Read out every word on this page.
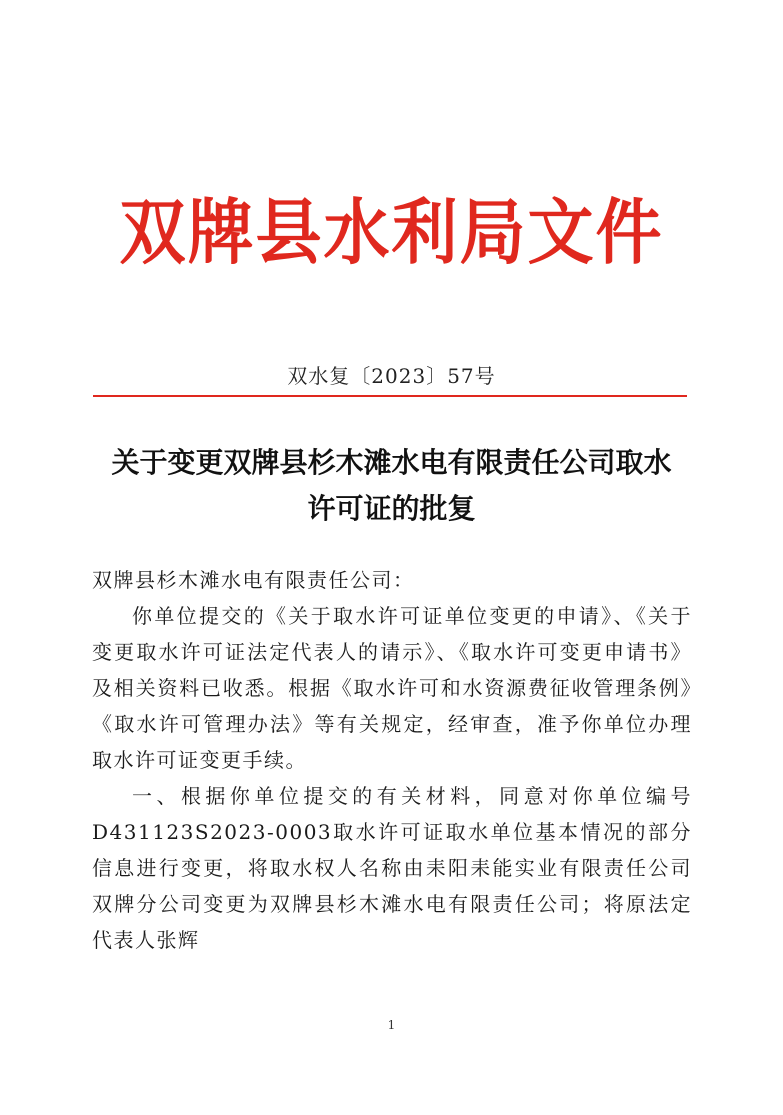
双牌县水利局文件
双水复〔2023〕57号
关于变更双牌县杉木滩水电有限责任公司取水
许可证的批复

双牌县杉木滩水电有限责任公司：

你单位提交的《关于取水许可证单位变更的申请》、《关于变更取水许可证法定代表人的请示》、《取水许可变更申请书》及相关资料已收悉。根据《取水许可和水资源费征收管理条例》《取水许可管理办法》等有关规定，经审查，准予你单位办理取水许可证变更手续。

一、根据你单位提交的有关材料，同意对你单位编号D431123S2023-0003取水许可证取水单位基本情况的部分信息进行变更，将取水权人名称由耒阳耒能实业有限责任公司双牌分公司变更为双牌县杉木滩水电有限责任公司；将原法定代表人张辉

1
